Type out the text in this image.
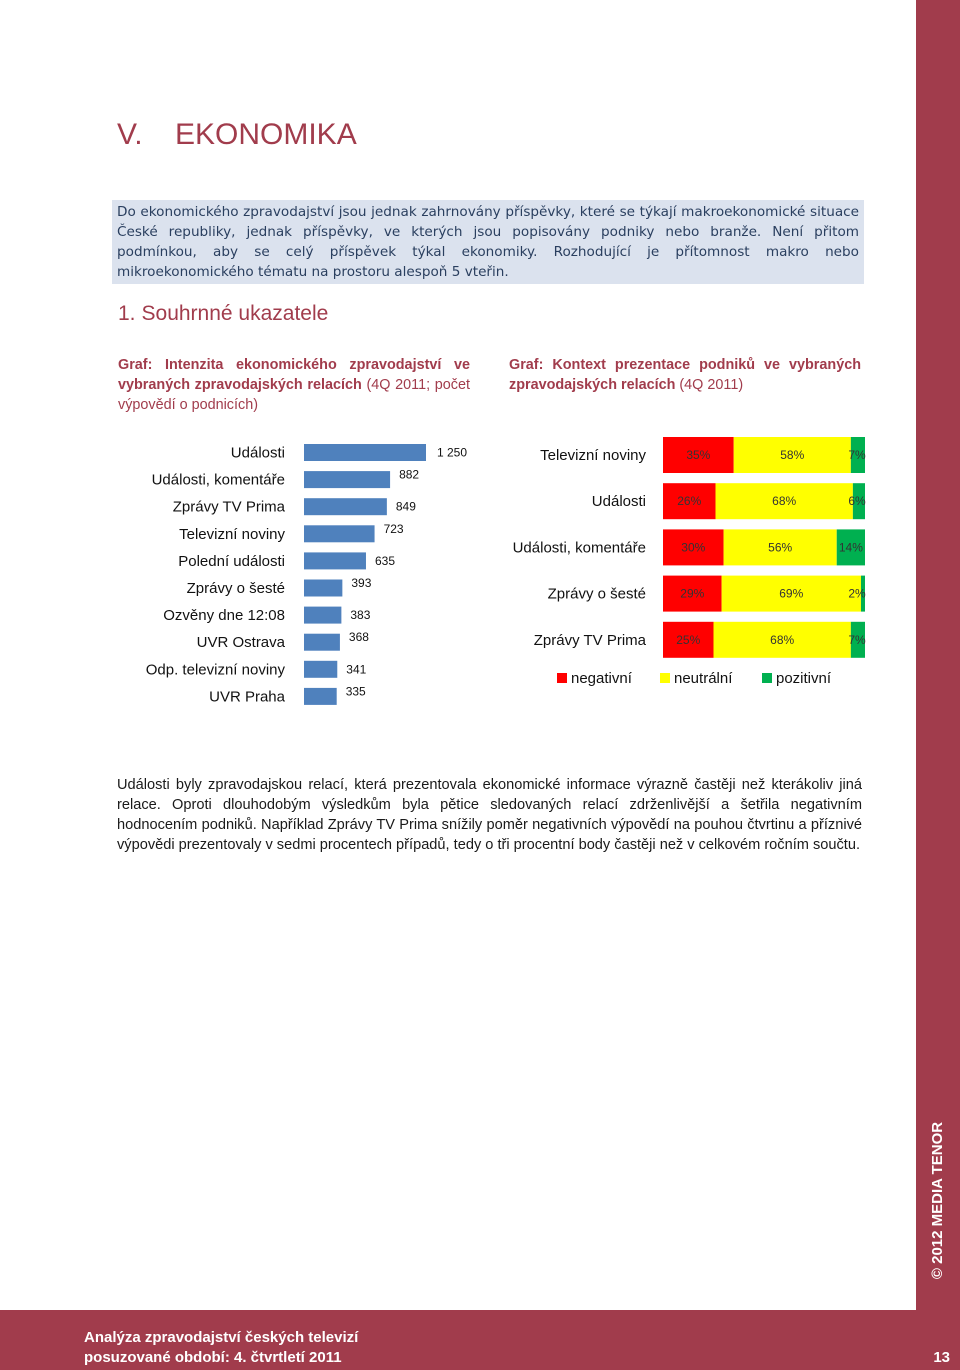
© 2012 MEDIA TENOR
V. EKONOMIKA
Do ekonomického zpravodajství jsou jednak zahrnovány příspěvky, které se týkají makroekonomické situace České republiky, jednak příspěvky, ve kterých jsou popisovány podniky nebo branže. Není přitom podmínkou, aby se celý příspěvek týkal ekonomiky. Rozhodující je přítomnost makro nebo mikroekonomického tématu na prostoru alespoň 5 vteřin.
1. Souhrnné ukazatele
Graf: Intenzita ekonomického zpravodajství ve vybraných zpravodajských relacích (4Q 2011; počet výpovědí o podnicích)
Graf: Kontext prezentace podniků ve vybraných zpravodajských relacích (4Q 2011)
Události	1 250
Události, komentáře	882
Zprávy TV Prima	849
Televizní noviny	723
Polední události	635
Zprávy o šesté	393
Ozvěny dne 12:08	383
UVR Ostrava	368
Odp. televizní noviny	341
UVR Praha	335
Televizní noviny	35%	58%	7%
Události	26%	68%	6%
Události, komentáře	30%	56%	14%
Zprávy o šesté	29%	69%	2%
Zprávy TV Prima	25%	68%	7%
negativní	neutrální	pozitivní
Události byly zpravodajskou relací, která prezentovala ekonomické informace výrazně častěji než kterákoliv jiná relace. Oproti dlouhodobým výsledkům byla pětice sledovaných relací zdrženlivější a šetřila negativním hodnocením podniků. Například Zprávy TV Prima snížily poměr negativních výpovědí na pouhou čtvrtinu a příznivé výpovědi prezentovaly v sedmi procentech případů, tedy o tři procentní body častěji než v celkovém ročním součtu.
Analýza zpravodajství českých televizí
posuzované období: 4. čtvrtletí 2011	13
